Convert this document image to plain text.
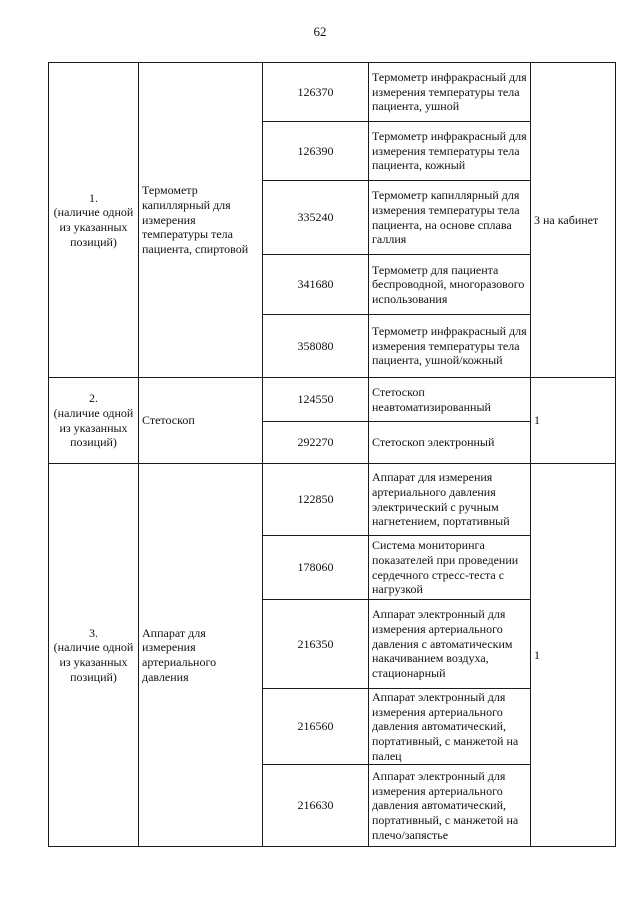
62
1.
(наличие одной из указанных позиций)	Термометр капиллярный для измерения температуры тела пациента, спиртовой	126370	Термометр инфракрасный для измерения температуры тела пациента, ушной	3 на кабинет
		126390	Термометр инфракрасный для измерения температуры тела пациента, кожный	
		335240	Термометр капиллярный для измерения температуры тела пациента, на основе сплава галлия	
		341680	Термометр для пациента беспроводной, многоразового использования	
		358080	Термометр инфракрасный для измерения температуры тела пациента, ушной/кожный	

2.
(наличие одной из указанных позиций)	Стетоскоп	124550	Стетоскоп неавтоматизированный	1
		292270	Стетоскоп электронный	

3.
(наличие одной из указанных позиций)	Аппарат для измерения артериального давления	122850	Аппарат для измерения артериального давления электрический с ручным нагнетением, портативный	1
		178060	Система мониторинга показателей при проведении сердечного стресс-теста с нагрузкой	
		216350	Аппарат электронный для измерения артериального давления с автоматическим накачиванием воздуха, стационарный	
		216560	Аппарат электронный для измерения артериального давления автоматический, портативный, с манжетой на палец	
		216630	Аппарат электронный для измерения артериального давления автоматический, портативный, с манжетой на плечо/запястье	
